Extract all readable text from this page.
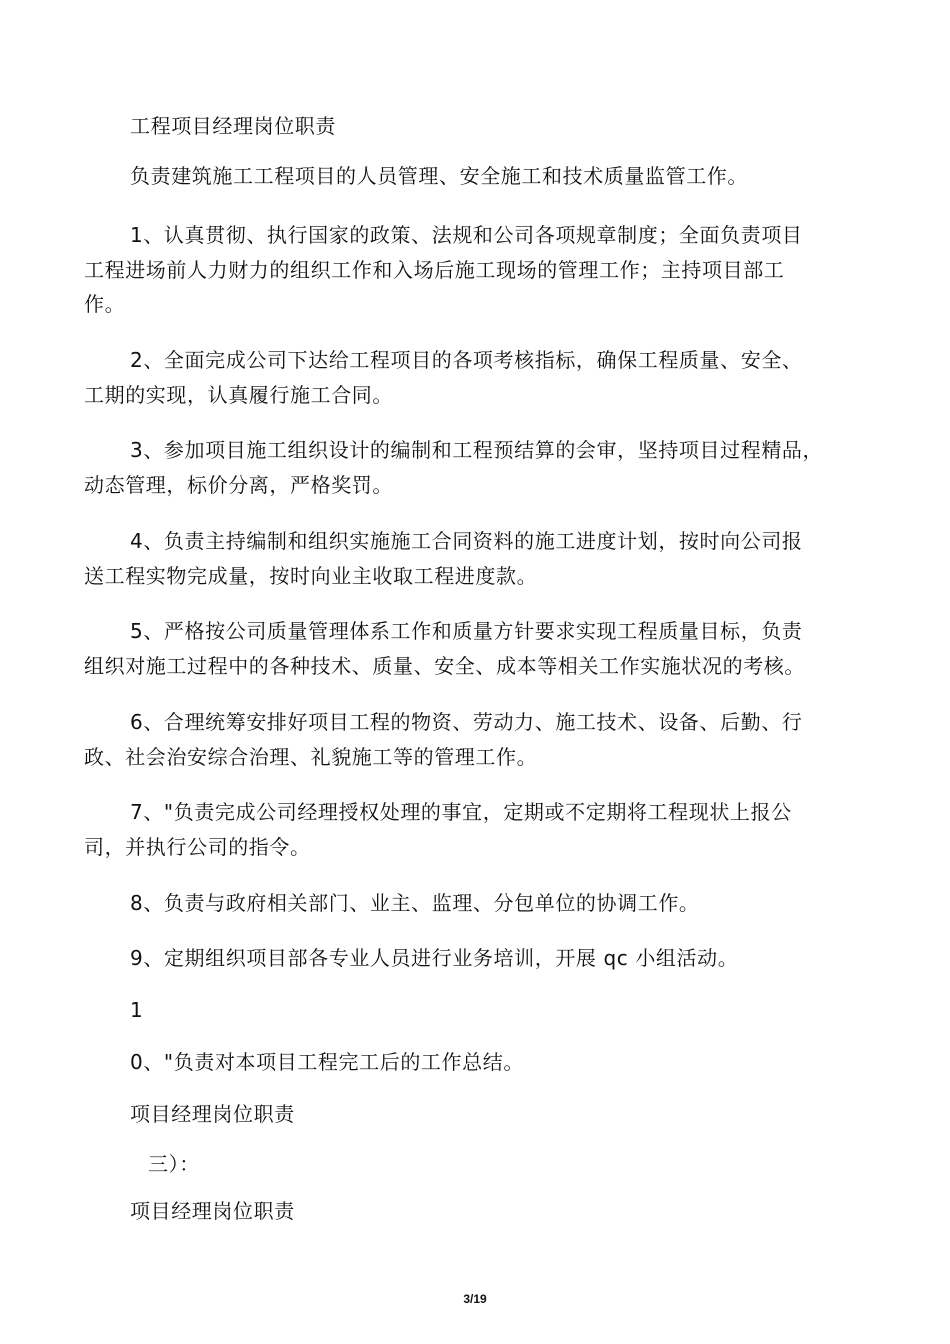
工程项目经理岗位职责
负责建筑施工工程项目的人员管理、安全施工和技术质量监管工作。
1、认真贯彻、执行国家的政策、法规和公司各项规章制度；全面负责项目
工程进场前人力财力的组织工作和入场后施工现场的管理工作；主持项目部工
作。
2、全面完成公司下达给工程项目的各项考核指标，确保工程质量、安全、
工期的实现，认真履行施工合同。
3、参加项目施工组织设计的编制和工程预结算的会审，坚持项目过程精品，
动态管理，标价分离，严格奖罚。
4、负责主持编制和组织实施施工合同资料的施工进度计划，按时向公司报
送工程实物完成量，按时向业主收取工程进度款。
5、严格按公司质量管理体系工作和质量方针要求实现工程质量目标，负责
组织对施工过程中的各种技术、质量、安全、成本等相关工作实施状况的考核。
6、合理统筹安排好项目工程的物资、劳动力、施工技术、设备、后勤、行
政、社会治安综合治理、礼貌施工等的管理工作。
7、"负责完成公司经理授权处理的事宜，定期或不定期将工程现状上报公
司，并执行公司的指令。
8、负责与政府相关部门、业主、监理、分包单位的协调工作。
9、定期组织项目部各专业人员进行业务培训，开展 qc 小组活动。
1
0、"负责对本项目工程完工后的工作总结。
项目经理岗位职责
三）：
项目经理岗位职责
3/19
